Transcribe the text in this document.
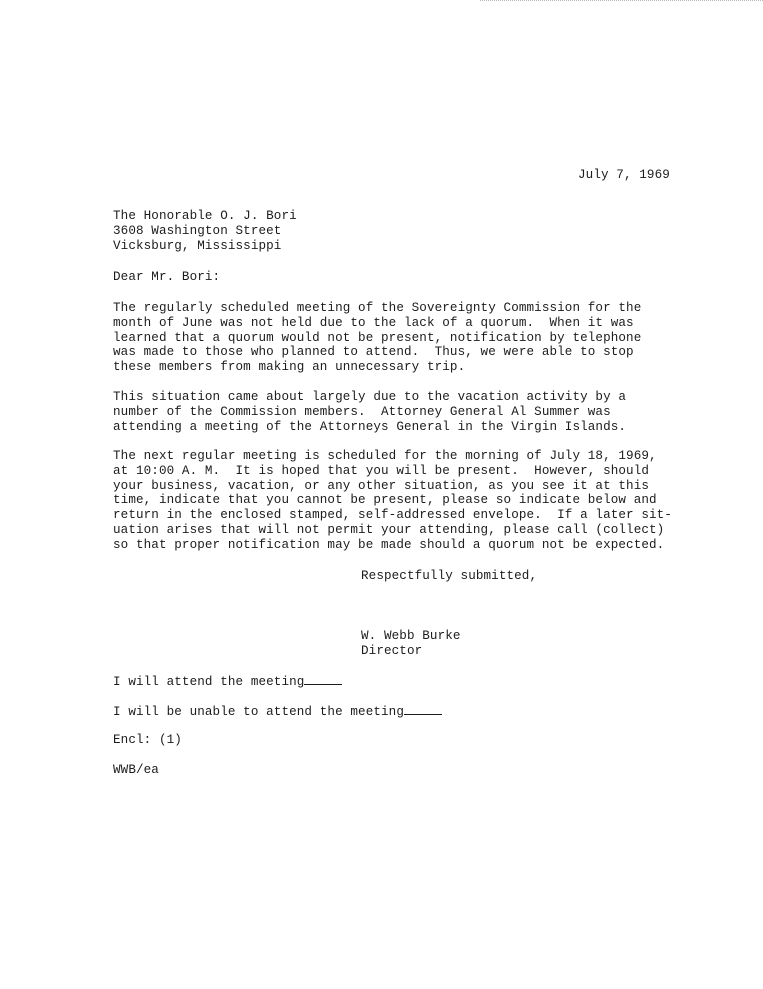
July 7, 1969
The Honorable O. J. Bori
3608 Washington Street
Vicksburg, Mississippi
Dear Mr. Bori:
The regularly scheduled meeting of the Sovereignty Commission for the
month of June was not held due to the lack of a quorum.  When it was
learned that a quorum would not be present, notification by telephone
was made to those who planned to attend.  Thus, we were able to stop
these members from making an unnecessary trip.
This situation came about largely due to the vacation activity by a
number of the Commission members.  Attorney General Al Summer was
attending a meeting of the Attorneys General in the Virgin Islands.
The next regular meeting is scheduled for the morning of July 18, 1969,
at 10:00 A. M.  It is hoped that you will be present.  However, should
your business, vacation, or any other situation, as you see it at this
time, indicate that you cannot be present, please so indicate below and
return in the enclosed stamped, self-addressed envelope.  If a later sit-
uation arises that will not permit your attending, please call (collect)
so that proper notification may be made should a quorum not be expected.
Respectfully submitted,
W. Webb Burke
Director
I will attend the meeting
I will be unable to attend the meeting
Encl: (1)
WWB/ea
